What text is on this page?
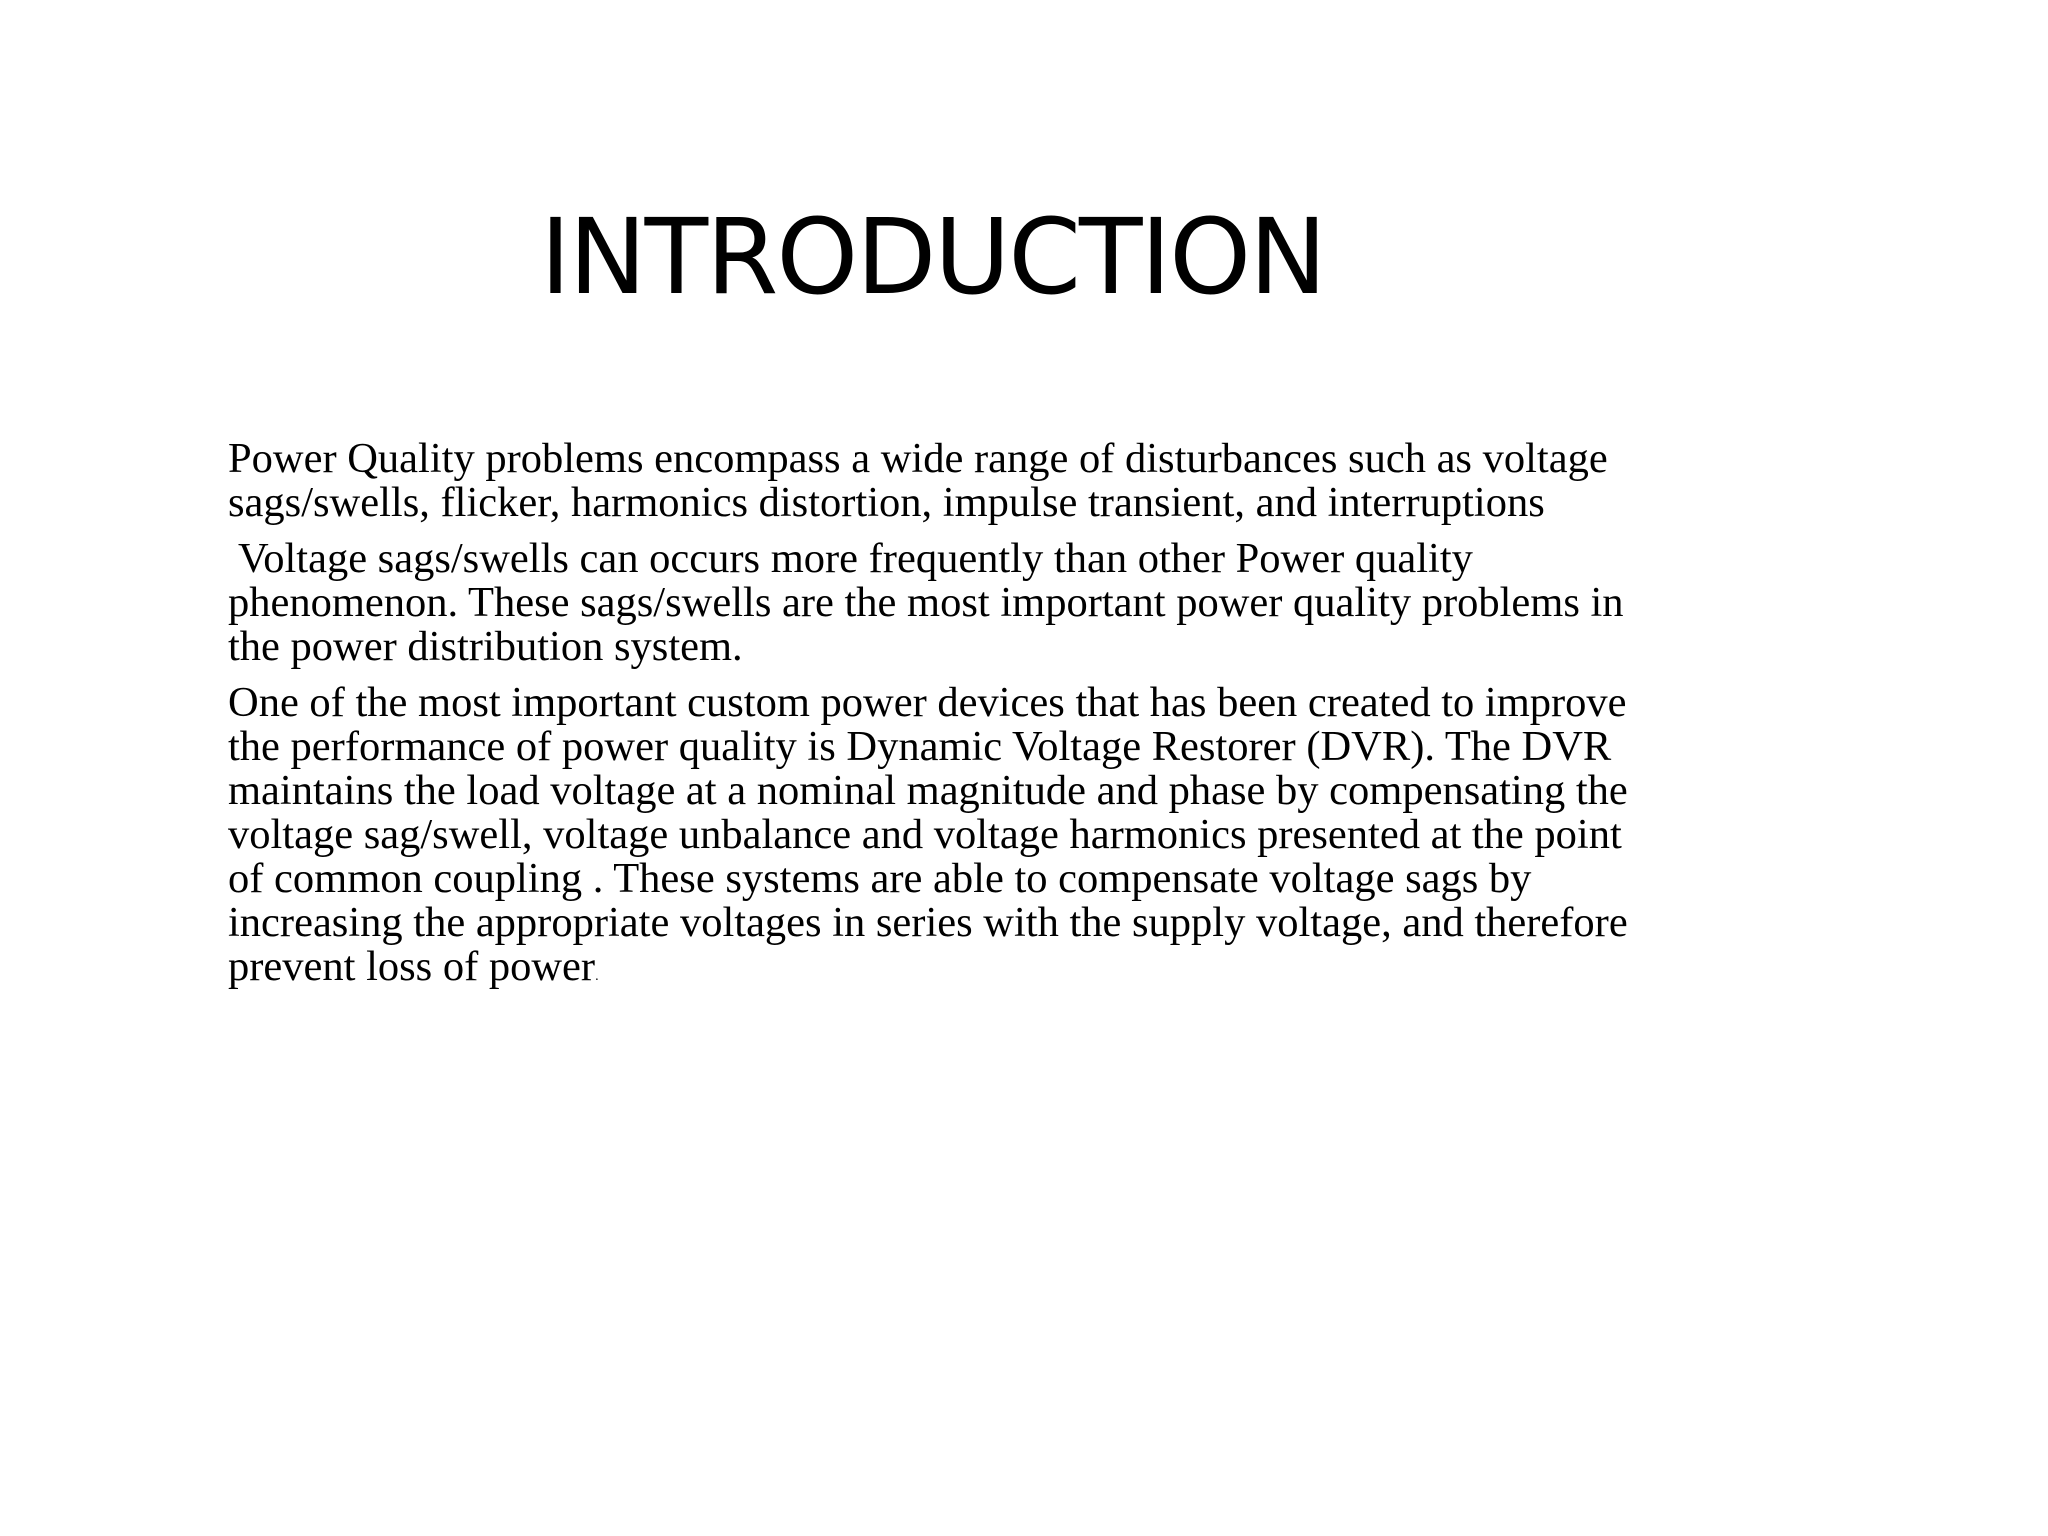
INTRODUCTION

Power Quality problems encompass a wide range of disturbances such as voltage sags/swells, flicker, harmonics distortion, impulse transient, and interruptions

Voltage sags/swells can occurs more frequently than other Power quality phenomenon. These sags/swells are the most important power quality problems in the power distribution system.

One of the most important custom power devices that has been created to improve the performance of power quality is Dynamic Voltage Restorer (DVR). The DVR maintains the load voltage at a nominal magnitude and phase by compensating the voltage sag/swell, voltage unbalance and voltage harmonics presented at the point of common coupling . These systems are able to compensate voltage sags by increasing the appropriate voltages in series with the supply voltage, and therefore prevent loss of power.
